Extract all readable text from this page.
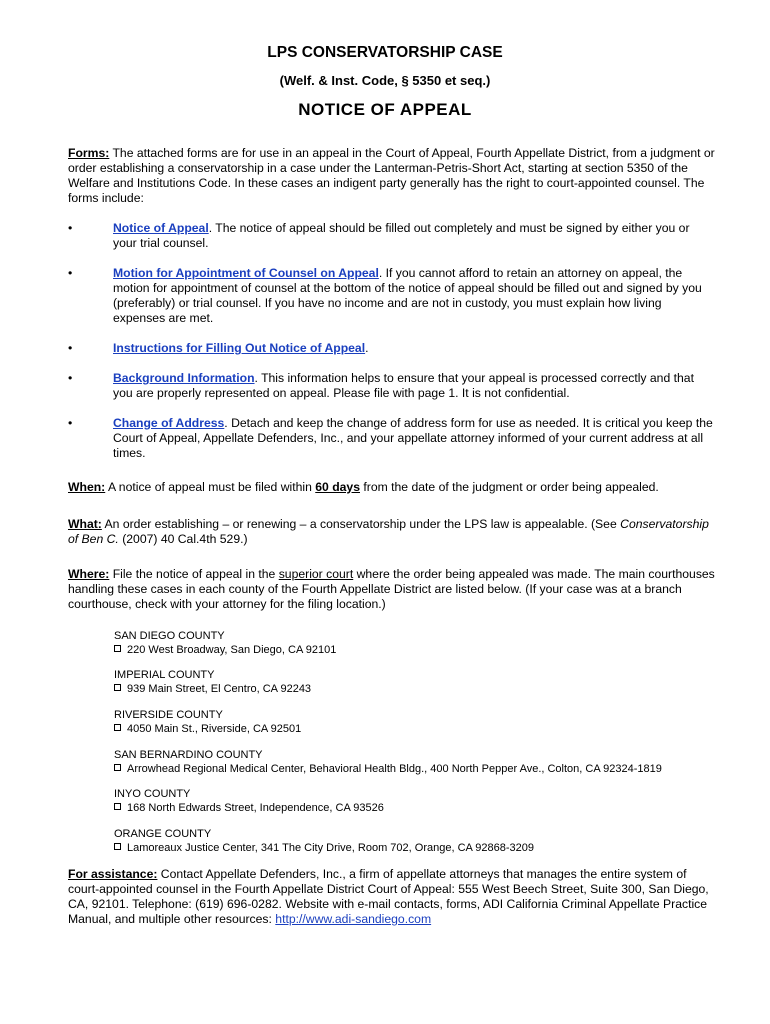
LPS CONSERVATORSHIP CASE
(Welf. & Inst. Code, § 5350 et seq.)
NOTICE OF APPEAL
Forms: The attached forms are for use in an appeal in the Court of Appeal, Fourth Appellate District, from a judgment or order establishing a conservatorship in a case under the Lanterman-Petris-Short Act, starting at section 5350 of the Welfare and Institutions Code. In these cases an indigent party generally has the right to court-appointed counsel. The forms include:
•	Notice of Appeal. The notice of appeal should be filled out completely and must be signed by either you or your trial counsel.
•	Motion for Appointment of Counsel on Appeal. If you cannot afford to retain an attorney on appeal, the motion for appointment of counsel at the bottom of the notice of appeal should be filled out and signed by you (preferably) or trial counsel. If you have no income and are not in custody, you must explain how living expenses are met.
•	Instructions for Filling Out Notice of Appeal.
•	Background Information. This information helps to ensure that your appeal is processed correctly and that you are properly represented on appeal. Please file with page 1. It is not confidential.
•	Change of Address. Detach and keep the change of address form for use as needed. It is critical you keep the Court of Appeal, Appellate Defenders, Inc., and your appellate attorney informed of your current address at all times.
When: A notice of appeal must be filed within 60 days from the date of the judgment or order being appealed.
What: An order establishing – or renewing – a conservatorship under the LPS law is appealable. (See Conservatorship of Ben C. (2007) 40 Cal.4th 529.)
Where: File the notice of appeal in the superior court where the order being appealed was made. The main courthouses handling these cases in each county of the Fourth Appellate District are listed below. (If your case was at a branch courthouse, check with your attorney for the filing location.)
SAN DIEGO COUNTY
220 West Broadway, San Diego, CA 92101
IMPERIAL COUNTY
939 Main Street, El Centro, CA 92243
RIVERSIDE COUNTY
4050 Main St., Riverside, CA 92501
SAN BERNARDINO COUNTY
Arrowhead Regional Medical Center, Behavioral Health Bldg., 400 North Pepper Ave., Colton, CA 92324-1819
INYO COUNTY
168 North Edwards Street, Independence, CA 93526
ORANGE COUNTY
Lamoreaux Justice Center, 341 The City Drive, Room 702, Orange, CA 92868-3209
For assistance: Contact Appellate Defenders, Inc., a firm of appellate attorneys that manages the entire system of court-appointed counsel in the Fourth Appellate District Court of Appeal: 555 West Beech Street, Suite 300, San Diego, CA, 92101. Telephone: (619) 696-0282. Website with e-mail contacts, forms, ADI California Criminal Appellate Practice Manual, and multiple other resources: http://www.adi-sandiego.com
